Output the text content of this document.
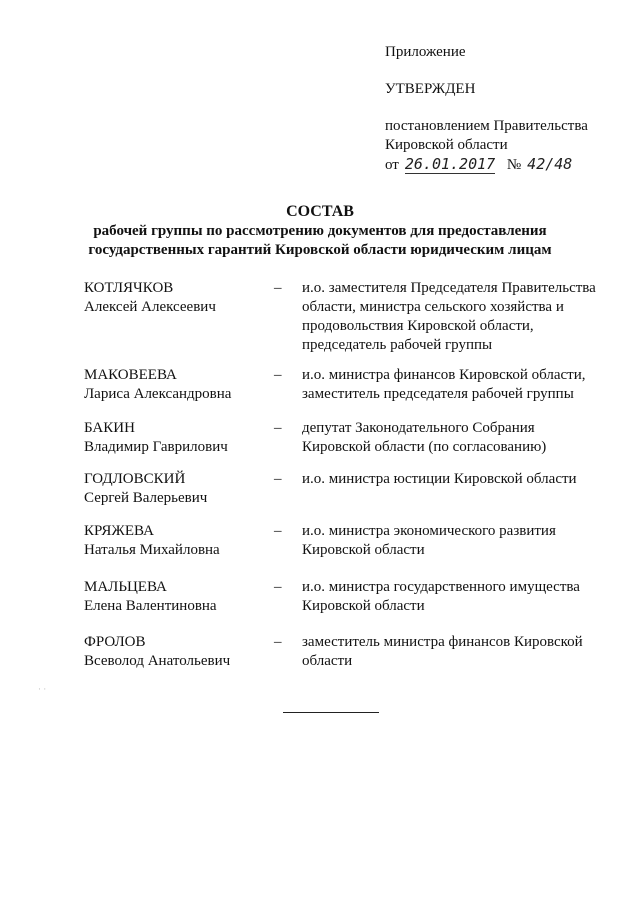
Приложение
УТВЕРЖДЕН
постановлением Правительства
Кировской области
от 26.01.2017 № 42/48
СОСТАВ
рабочей группы по рассмотрению документов для предоставления
государственных гарантий Кировской области юридическим лицам
КОТЛЯЧКОВ
Алексей Алексеевич
–	и.о. заместителя Председателя Правительства
области, министра сельского хозяйства и
продовольствия Кировской области,
председатель рабочей группы
МАКОВЕЕВА
Лариса Александровна
–	и.о. министра финансов Кировской области,
заместитель председателя рабочей группы
БАКИН
Владимир Гаврилович
–	депутат Законодательного Собрания
Кировской области (по согласованию)
ГОДЛОВСКИЙ
Сергей Валерьевич
–	и.о. министра юстиции Кировской области
КРЯЖЕВА
Наталья Михайловна
–	и.о. министра экономического развития
Кировской области
МАЛЬЦЕВА
Елена Валентиновна
–	и.о. министра государственного имущества
Кировской области
ФРОЛОВ
Всеволод Анатольевич
–	заместитель министра финансов Кировской
области
· ·
